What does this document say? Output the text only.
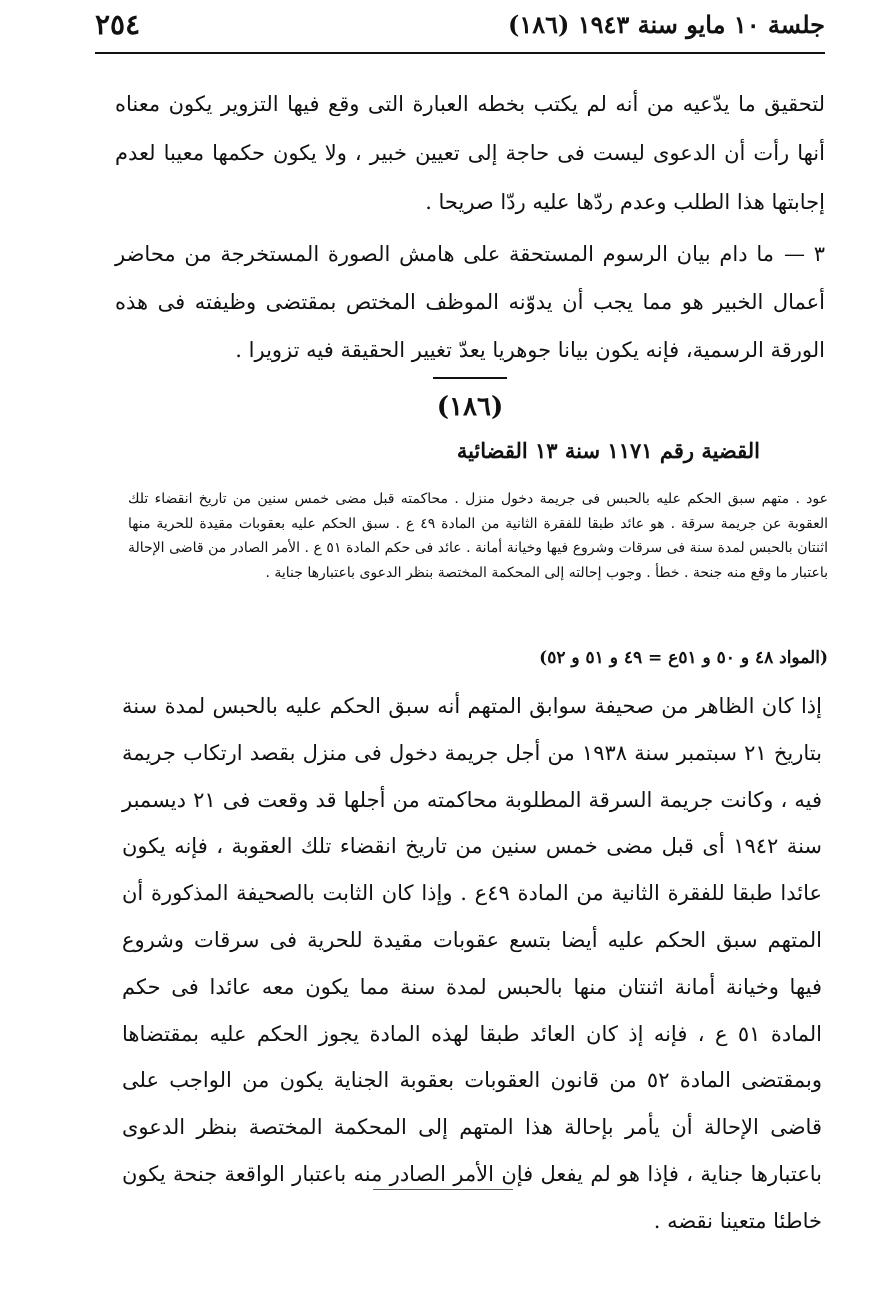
جلسة ١٠ مايو سنة ١٩٤٣ (١٨٦)
٢٥٤

لتحقيق ما يدّعيه من أنه لم يكتب بخطه العبارة التى وقع فيها التزوير يكون معناه أنها رأت أن الدعوى ليست فى حاجة إلى تعيين خبير ، ولا يكون حكمها معيبا لعدم إجابتها هذا الطلب وعدم ردّها عليه ردّا صريحا .

٣ —ما دام بيان الرسوم المستحقة على هامش الصورة المستخرجة من محاضر أعمال الخبير هو مما يجب أن يدوّنه الموظف المختص بمقتضى وظيفته فى هذه الورقة الرسمية، فإنه يكون بيانا جوهريا يعدّ تغيير الحقيقة فيه تزويرا .

(١٨٦)
القضية رقم ١١٧١ سنة ١٣ القضائية

عود . متهم سبق الحكم عليه بالحبس فى جريمة دخول منزل . محاكمته قبل مضى خمس سنين من تاريخ انقضاء تلك العقوبة عن جريمة سرقة . هو عائد طبقا للفقرة الثانية من المادة ٤٩ ع . سبق الحكم عليه بعقوبات مقيدة للحرية منها اثنتان بالحبس لمدة سنة فى سرقات وشروع فيها وخيانة أمانة . عائد فى حكم المادة ٥١ ع . الأمر الصادر من قاضى الإحالة باعتبار ما وقع منه جنحة . خطأ . وجوب إحالته إلى المحكمة المختصة بنظر الدعوى باعتبارها جناية .

(المواد ٤٨ و ٥٠ و ٥١ع = ٤٩ و ٥١ و ٥٢)

إذا كان الظاهر من صحيفة سوابق المتهم أنه سبق الحكم عليه بالحبس لمدة سنة بتاريخ ٢١ سبتمبر سنة ١٩٣٨ من أجل جريمة دخول فى منزل بقصد ارتكاب جريمة فيه ، وكانت جريمة السرقة المطلوبة محاكمته من أجلها قد وقعت فى ٢١ ديسمبر سنة ١٩٤٢ أى قبل مضى خمس سنين من تاريخ انقضاء تلك العقوبة ، فإنه يكون عائدا طبقا للفقرة الثانية من المادة ٤٩ع . وإذا كان الثابت بالصحيفة المذكورة أن المتهم سبق الحكم عليه أيضا بتسع عقوبات مقيدة للحرية فى سرقات وشروع فيها وخيانة أمانة اثنتان منها بالحبس لمدة سنة مما يكون معه عائدا فى حكم المادة ٥١ ع ، فإنه إذ كان العائد طبقا لهذه المادة يجوز الحكم عليه بمقتضاها وبمقتضى المادة ٥٢ من قانون العقوبات بعقوبة الجناية يكون من الواجب على قاضى الإحالة أن يأمر بإحالة هذا المتهم إلى المحكمة المختصة بنظر الدعوى باعتبارها جناية ، فإذا هو لم يفعل فإن الأمر الصادر منه باعتبار الواقعة جنحة يكون خاطئا متعينا نقضه .
